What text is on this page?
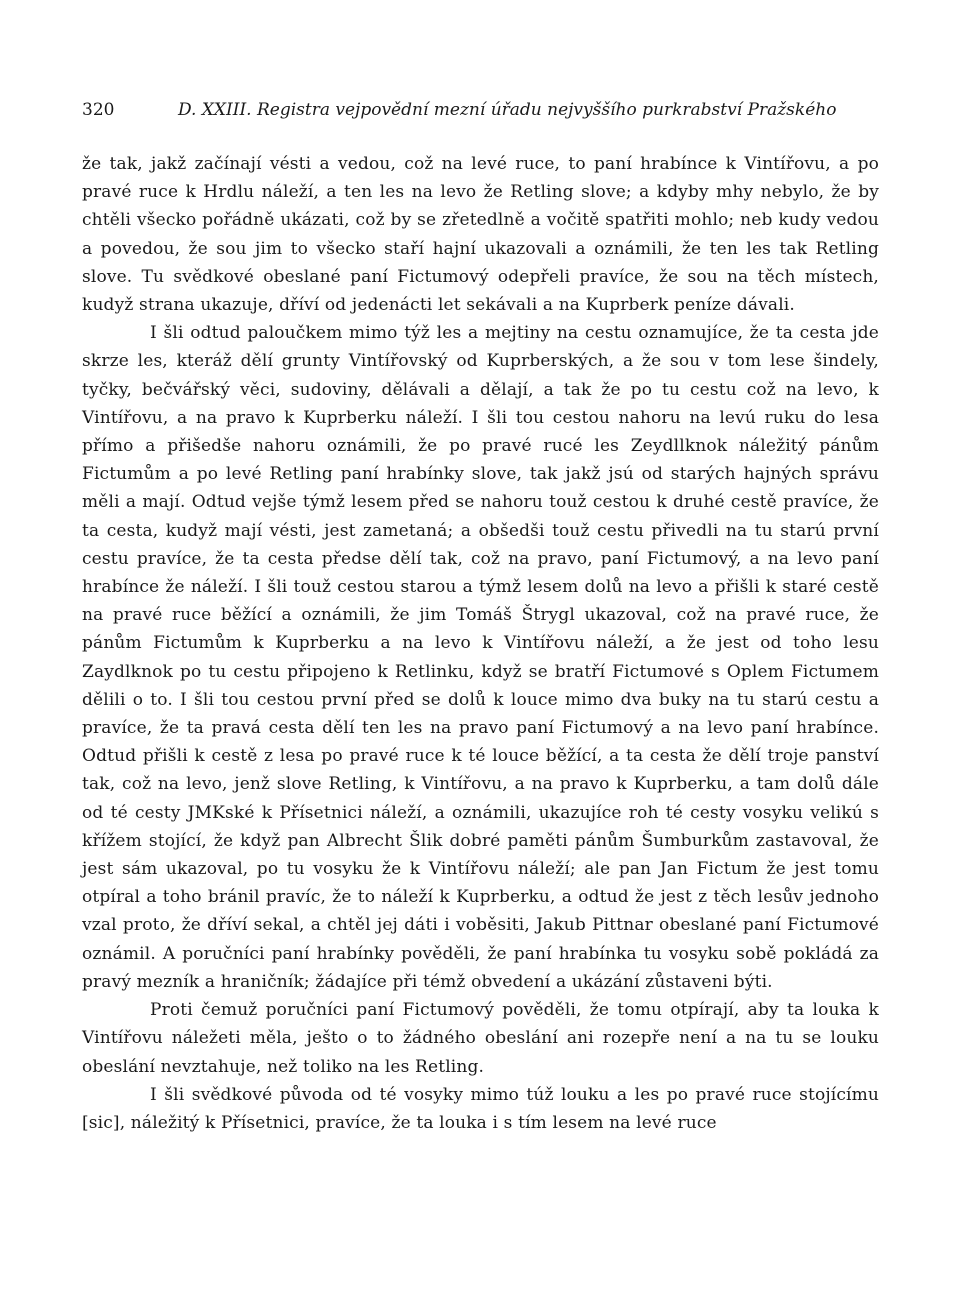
320	D. XXIII. Registra vejpovědní mezní úřadu nejvyššího purkrabství Pražského

že tak, jakž začínají vésti a vedou, což na levé ruce, to paní hrabínce k Vintířovu, a po pravé ruce k Hrdlu náleží, a ten les na levo že Retling slove; a kdyby mhy nebylo, že by chtěli všecko pořádně ukázati, což by se zřetedlně a vočitě spatřiti mohlo; neb kudy vedou a povedou, že sou jim to všecko staří hajní ukazovali a oznámili, že ten les tak Retling slove. Tu svědkové obeslané paní Fictumový odepřeli pravíce, že sou na těch místech, kudyž strana ukazuje, dříví od jedenácti let sekávali a na Kuprberk peníze dávali.

I šli odtud paloučkem mimo týž les a mejtiny na cestu oznamujíce, že ta cesta jde skrze les, kteráž dělí grunty Vintířovský od Kuprberských, a že sou v tom lese šindely, tyčky, bečvářský věci, sudoviny, dělávali a dělají, a tak že po tu cestu což na levo, k Vintířovu, a na pravo k Kuprberku náleží. I šli tou cestou nahoru na levú ruku do lesa přímo a přišedše nahoru oznámili, že po pravé rucé les Zeydllknok náležitý pánům Fictumům a po levé Retling paní hrabínky slove, tak jakž jsú od starých hajných správu měli a mají. Odtud vejše týmž lesem před se nahoru touž cestou k druhé cestě pravíce, že ta cesta, kudyž mají vésti, jest zametaná; a obšedši touž cestu přivedli na tu starú první cestu pravíce, že ta cesta předse dělí tak, což na pravo, paní Fictumový, a na levo paní hrabínce že náleží. I šli touž cestou starou a týmž lesem dolů na levo a přišli k staré cestě na pravé ruce běžící a oznámili, že jim Tomáš Štrygl ukazoval, což na pravé ruce, že pánům Fictumům k Kuprberku a na levo k Vintířovu náleží, a že jest od toho lesu Zaydlknok po tu cestu připojeno k Retlinku, když se bratří Fictumové s Oplem Fictumem dělili o to. I šli tou cestou první před se dolů k louce mimo dva buky na tu starú cestu a pravíce, že ta pravá cesta dělí ten les na pravo paní Fictumový a na levo paní hrabínce. Odtud přišli k cestě z lesa po pravé ruce k té louce běžící, a ta cesta že dělí troje panství tak, což na levo, jenž slove Retling, k Vintířovu, a na pravo k Kuprberku, a tam dolů dále od té cesty JMKské k Přísetnici náleží, a oznámili, ukazujíce roh té cesty vosyku velikú s křížem stojící, že když pan Albrecht Šlik dobré paměti pánům Šumburkům zastavoval, že jest sám ukazoval, po tu vosyku že k Vintířovu náleží; ale pan Jan Fictum že jest tomu otpíral a toho bránil pravíc, že to náleží k Kuprberku, a odtud že jest z těch lesův jednoho vzal proto, že dříví sekal, a chtěl jej dáti i voběsiti, Jakub Pittnar obeslané paní Fictumové oznámil. A poručníci paní hrabínky pověděli, že paní hrabínka tu vosyku sobě pokládá za pravý mezník a hraničník; žádajíce při témž obvedení a ukázání zůstaveni býti.

Proti čemuž poručníci paní Fictumový pověděli, že tomu otpírají, aby ta louka k Vintířovu náležeti měla, ješto o to žádného obeslání ani rozepře není a na tu se louku obeslání nevztahuje, než toliko na les Retling.

I šli svědkové původa od té vosyky mimo túž louku a les po pravé ruce stojícímu [sic], náležitý k Přísetnici, pravíce, že ta louka i s tím lesem na levé ruce
